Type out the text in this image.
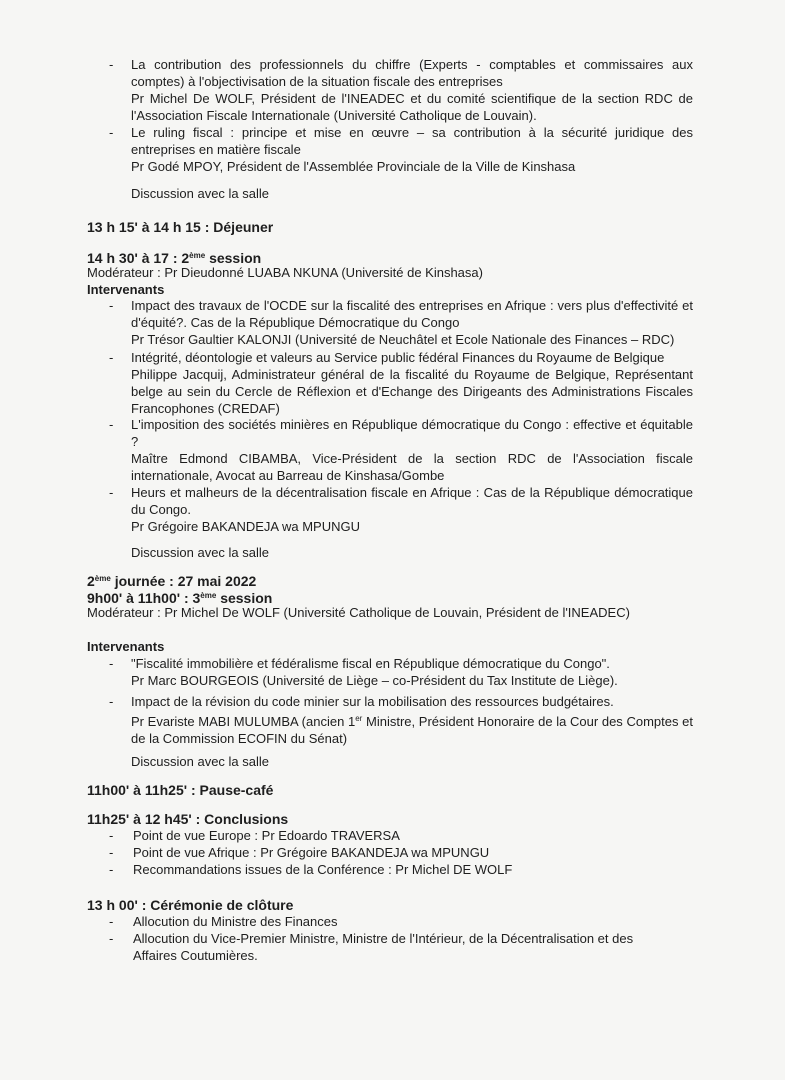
-	La contribution des professionnels du chiffre (Experts - comptables et commissaires aux comptes) à l'objectivisation de la situation fiscale des entreprises
Pr Michel De WOLF, Président de l'INEADEC et du comité scientifique de la section RDC de l'Association Fiscale Internationale (Université Catholique de Louvain).
-	Le ruling fiscal : principe et mise en œuvre – sa contribution à la sécurité juridique des entreprises en matière fiscale
Pr Godé MPOY, Président de l'Assemblée Provinciale de la Ville de Kinshasa
Discussion avec la salle
13 h 15' à 14 h 15 : Déjeuner
14 h 30' à 17 : 2ème session
Modérateur : Pr Dieudonné LUABA NKUNA (Université de Kinshasa)
Intervenants
-	Impact des travaux de l'OCDE sur la fiscalité des entreprises en Afrique : vers plus d'effectivité et d'équité?. Cas de la République Démocratique du Congo
Pr Trésor Gaultier KALONJI (Université de Neuchâtel et Ecole Nationale des Finances – RDC)
-	Intégrité, déontologie et valeurs au Service public fédéral Finances du Royaume de Belgique
Philippe Jacquij, Administrateur général de la fiscalité du Royaume de Belgique, Représentant belge au sein du Cercle de Réflexion et d'Echange des Dirigeants des Administrations Fiscales Francophones (CREDAF)
-	L'imposition des sociétés minières en République démocratique du Congo : effective et équitable ?
Maître Edmond CIBAMBA, Vice-Président de la section RDC de l'Association fiscale internationale, Avocat au Barreau de Kinshasa/Gombe
-	Heurs et malheurs de la décentralisation fiscale en Afrique : Cas de la République démocratique du Congo.
Pr Grégoire BAKANDEJA wa MPUNGU
Discussion avec la salle
2ème journée : 27 mai 2022
9h00' à 11h00' : 3ème session
Modérateur : Pr Michel De WOLF (Université Catholique de Louvain, Président de l'INEADEC)
Intervenants
-	"Fiscalité immobilière et fédéralisme fiscal en République démocratique du Congo".
Pr Marc BOURGEOIS (Université de Liège – co-Président du Tax Institute de Liège).
-	Impact de la révision du code minier sur la mobilisation des ressources budgétaires.
Pr Evariste MABI MULUMBA (ancien 1er Ministre, Président Honoraire de la Cour des Comptes et de la Commission ECOFIN du Sénat)
Discussion avec la salle
11h00' à 11h25' : Pause-café
11h25' à 12 h45' : Conclusions
- Point de vue Europe : Pr Edoardo TRAVERSA
- Point de vue Afrique : Pr Grégoire BAKANDEJA wa MPUNGU
- Recommandations issues de la Conférence : Pr Michel DE WOLF
13 h 00' : Cérémonie de clôture
- Allocution du Ministre des Finances
- Allocution du Vice-Premier Ministre, Ministre de l'Intérieur, de la Décentralisation et des Affaires Coutumières.
